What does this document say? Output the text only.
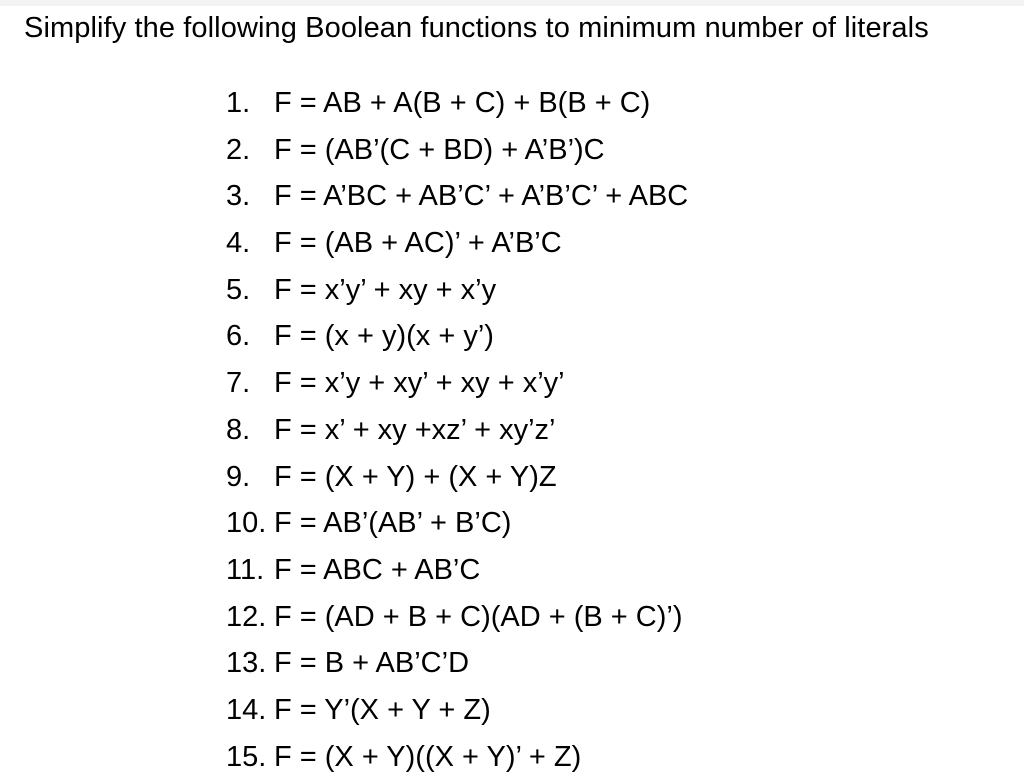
Simplify the following Boolean functions to minimum number of literals
1. F = AB + A(B + C) + B(B + C)
2. F = (AB’(C + BD) + A’B’)C
3. F = A’BC + AB’C’ + A’B’C’ + ABC
4. F = (AB + AC)’ + A’B’C
5. F = x’y’ + xy + x’y
6. F = (x + y)(x + y’)
7. F = x’y + xy’ + xy + x’y’
8. F = x’ + xy +xz’ + xy’z’
9. F = (X + Y) + (X + Y)Z
10. F = AB’(AB’ + B’C)
11. F = ABC + AB’C
12. F = (AD + B + C)(AD + (B + C)’)
13. F = B + AB’C’D
14. F = Y’(X + Y + Z)
15. F = (X + Y)((X + Y)’ + Z)
